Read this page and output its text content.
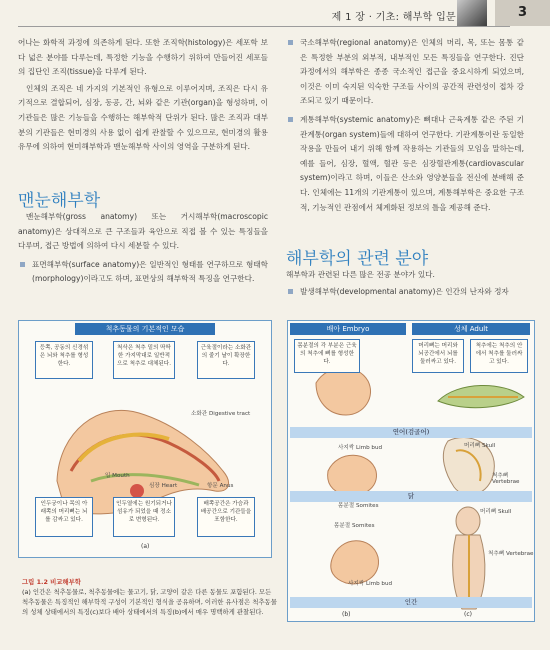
제 1 장 · 기초: 해부학 입문	3

어나는 화학적 과정에 의존하게 된다. 또한 조직학(histology)은 세포학 보다 넓은 분야를 다루는데, 특정한 기능을 수행하기 위하여 만들어진 세포들의 집단인 조직(tissue)을 다루게 된다.

인체의 조직은 네 가지의 기본적인 유형으로 이루어지며, 조직은 다시 유기적으로 결합되어, 심장, 동공, 간, 뇌와 같은 기관(organ)을 형성하며, 이 기관들은 많은 기능들을 수행하는 해부학적 단위가 된다. 많은 조직과 대부분의 기관들은 현미경의 사용 없이 쉽게 관찰할 수 있으므로, 현미경의 활용 유무에 의하여 현미해부학과 맨눈해부학 사이의 영역을 구분하게 된다.

맨눈해부학

맨눈해부학(gross anatomy) 또는 거시해부학(macroscopic anatomy)은 상대적으로 큰 구조들과 육안으로 직접 볼 수 있는 특징들을 다루며, 접근 방법에 의하여 다시 세분할 수 있다.

표면해부학(surface anatomy)은 일반적인 형태를 연구하므로 형태학(morphology)이라고도 하며, 표면상의 해부학적 특징을 연구한다.
국소해부학(regional anatomy)은 인체의 머리, 목, 또는 몸통 같은 특정한 부분의 외부적, 내부적인 모든 특징들을 연구한다. 진단 과정에서의 해부학은 종종 국소적인 접근을 중요시하게 되었으며, 이것은 이미 숙지된 익숙한 구조들 사이의 공간적 관련성이 접차 강조되고 있기 때문이다.
계통해부학(systemic anatomy)은 뼈대나 근육계통 같은 주된 기관계통(organ system)들에 대하여 연구한다. 기관계통이란 동일한 작용을 만들어 내기 위해 함께 작용하는 기관들의 모임을 말하는데, 예를 들어, 심장, 혈액, 혈관 등은 심장혈관계통(cardiovascular system)이라고 하며, 이들은 산소와 영양분들을 전신에 분배해 준다. 인체에는 11개의 기관계통이 있으며, 계통해부학은 중요한 구조적, 기능적인 관점에서 체계화된 정보의 틀을 제공해 준다.
해부학의 관련 분야

해부학과 관련된 다른 많은 전공 분야가 있다.

발생해부학(developmental anatomy)은 인간의 난자와 정자
척추동물의 기본적인 모습
등쪽, 공동의 신경섞은 뇌와 척추를 형성한다.
척삭은 척추 밑의 딱딱한 가지막대로 일반적으로 척추로 대체된다.
근육절이라는 소화관의 줄기 날이 확장한다.
인두궁이나 목의 아래쪽의 머리뼈는 뇌를 감싸고 있다.
인두열에는 원기되거나 섬유가 되었을 때 정소로 변형된다.
배쪽공간은 가슴과 배공간으로 기관들을 포함한다.
소화관 Digestive tract
입 Mouth
심장 Heart	항문 Anus
(a)
배아 Embryo	성체 Adult
몸분절의 각 부분은 근육의 척추에 뼈를 형성한다.
머리뼈는 머리와 뇌공간에서 뇌를 둘러싸고 있다.
척추에는 척추의 안에서 척추를 둘러싸고 있다.
연어(검골어)
사지싹 Limb bud
몸분절 Somites
머리뼈 Skull
척추뼈 Vertebrae
닭
몸분절 Somites
사지싹 Limb bud
머리뼈 Skull
척추뼈 Vertebrae
인간
(b)	(c)
그림 1.2 비교해부학
(a) 인간은 척추동물로, 척추동물에는 물고기, 닭, 고양이 같은 다른 동물도 포함된다. 모든 척추동물은 특징적인 해부학적 구성이 기본적인 형식을 공유하며, 이러한 유사점은 척추동물의 성체 상태에서의 특징(c)보다 배아 상태에서의 특징(b)에서 매우 명백하게 관찰된다.
